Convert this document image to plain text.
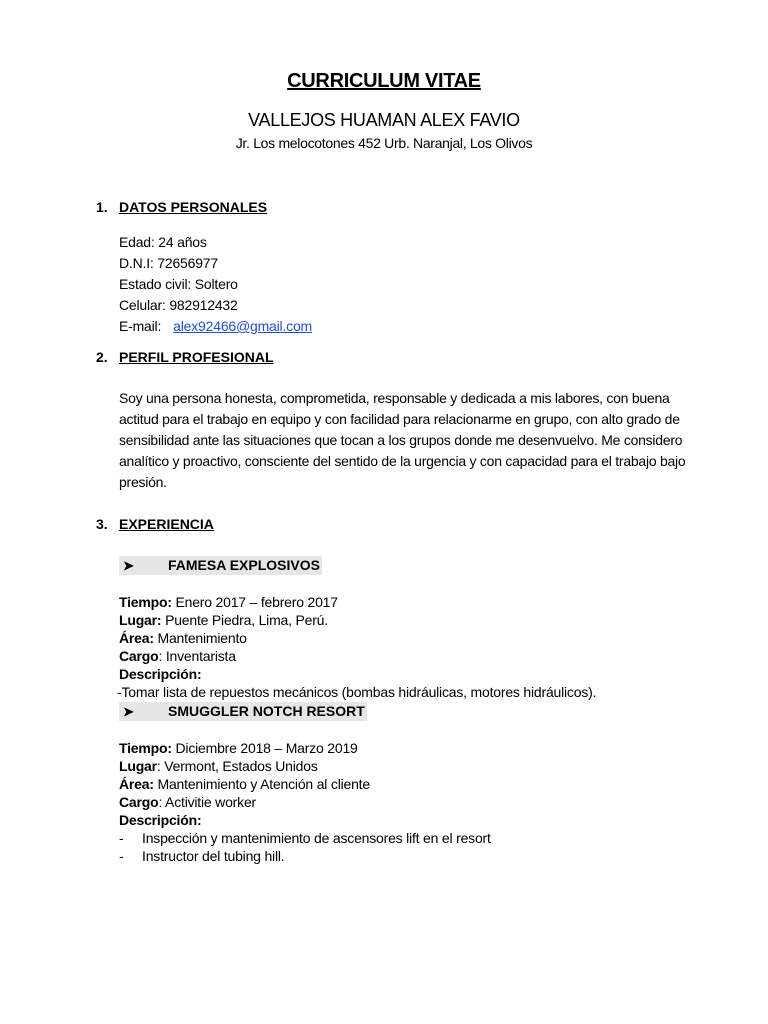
CURRICULUM VITAE
VALLEJOS HUAMAN ALEX FAVIO
Jr. Los melocotones 452 Urb. Naranjal, Los Olivos
1. DATOS PERSONALES
Edad: 24 años
D.N.I: 72656977
Estado civil: Soltero
Celular: 982912432
E-mail: alex92466@gmail.com
2. PERFIL PROFESIONAL
Soy una persona honesta, comprometida, responsable y dedicada a mis labores, con buena actitud para el trabajo en equipo y con facilidad para relacionarme en grupo, con alto grado de sensibilidad ante las situaciones que tocan a los grupos donde me desenvuelvo. Me considero analítico y proactivo, consciente del sentido de la urgencia y con capacidad para el trabajo bajo presión.
3. EXPERIENCIA
➤ FAMESA EXPLOSIVOS
Tiempo: Enero 2017 – febrero 2017
Lugar: Puente Piedra, Lima, Perú.
Área: Mantenimiento
Cargo: Inventarista
Descripción:
-Tomar lista de repuestos mecánicos (bombas hidráulicas, motores hidráulicos).
➤ SMUGGLER NOTCH RESORT
Tiempo: Diciembre 2018 – Marzo 2019
Lugar: Vermont, Estados Unidos
Área: Mantenimiento y Atención al cliente
Cargo: Activitie worker
Descripción:
- Inspección y mantenimiento de ascensores lift en el resort
- Instructor del tubing hill.
